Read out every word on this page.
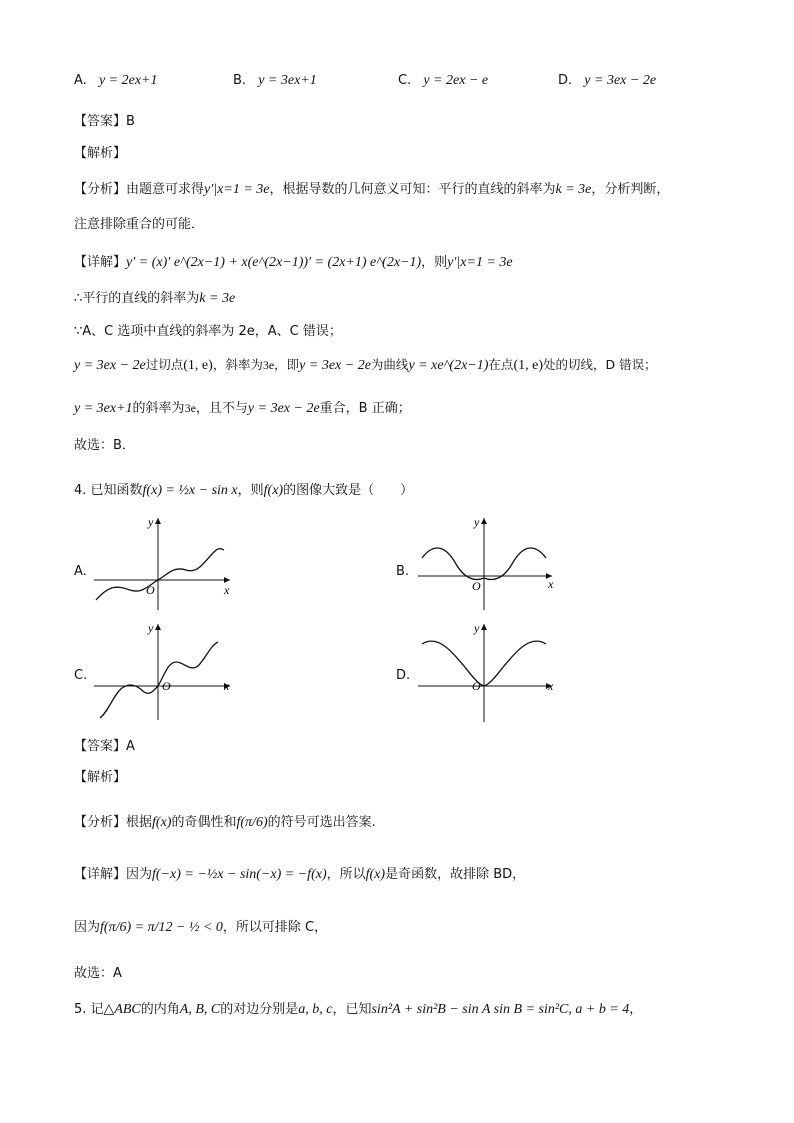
A. y = 2ex+1	B. y = 3ex+1	C. y = 2ex − e	D. y = 3ex − 2e
【答案】B
【解析】
【分析】由题意可求得y′|x=1 = 3e，根据导数的几何意义可知：平行的直线的斜率为k = 3e，分析判断，
注意排除重合的可能．
【详解】y′ = (x)′ e^(2x−1) + x(e^(2x−1))′ = (2x+1) e^(2x−1)，则y′|x=1 = 3e
∴平行的直线的斜率为k = 3e
∵A、C 选项中直线的斜率为 2e，A、C 错误；
y = 3ex − 2e过切点(1, e)，斜率为3e，即y = 3ex − 2e为曲线y = xe^(2x−1)在点(1, e)处的切线，D 错误；
y = 3ex+1的斜率为3e，且不与y = 3ex − 2e重合，B 正确；
故选：B．
4. 已知函数f(x) = ½x − sin x，则f(x)的图像大致是（　　）
A.
O	x
y
B.
O	x
y
C.
O	x
y
D.
O	x
y
【答案】A
【解析】
【分析】根据f(x)的奇偶性和f(π/6)的符号可选出答案.
【详解】因为f(−x) = −½x − sin(−x) = −f(x)，所以f(x)是奇函数，故排除 BD，
因为f(π/6) = π/12 − ½ < 0，所以可排除 C，
故选：A
5. 记△ABC的内角A, B, C的对边分别是a, b, c，已知sin²A + sin²B − sin A sin B = sin²C, a + b = 4，
